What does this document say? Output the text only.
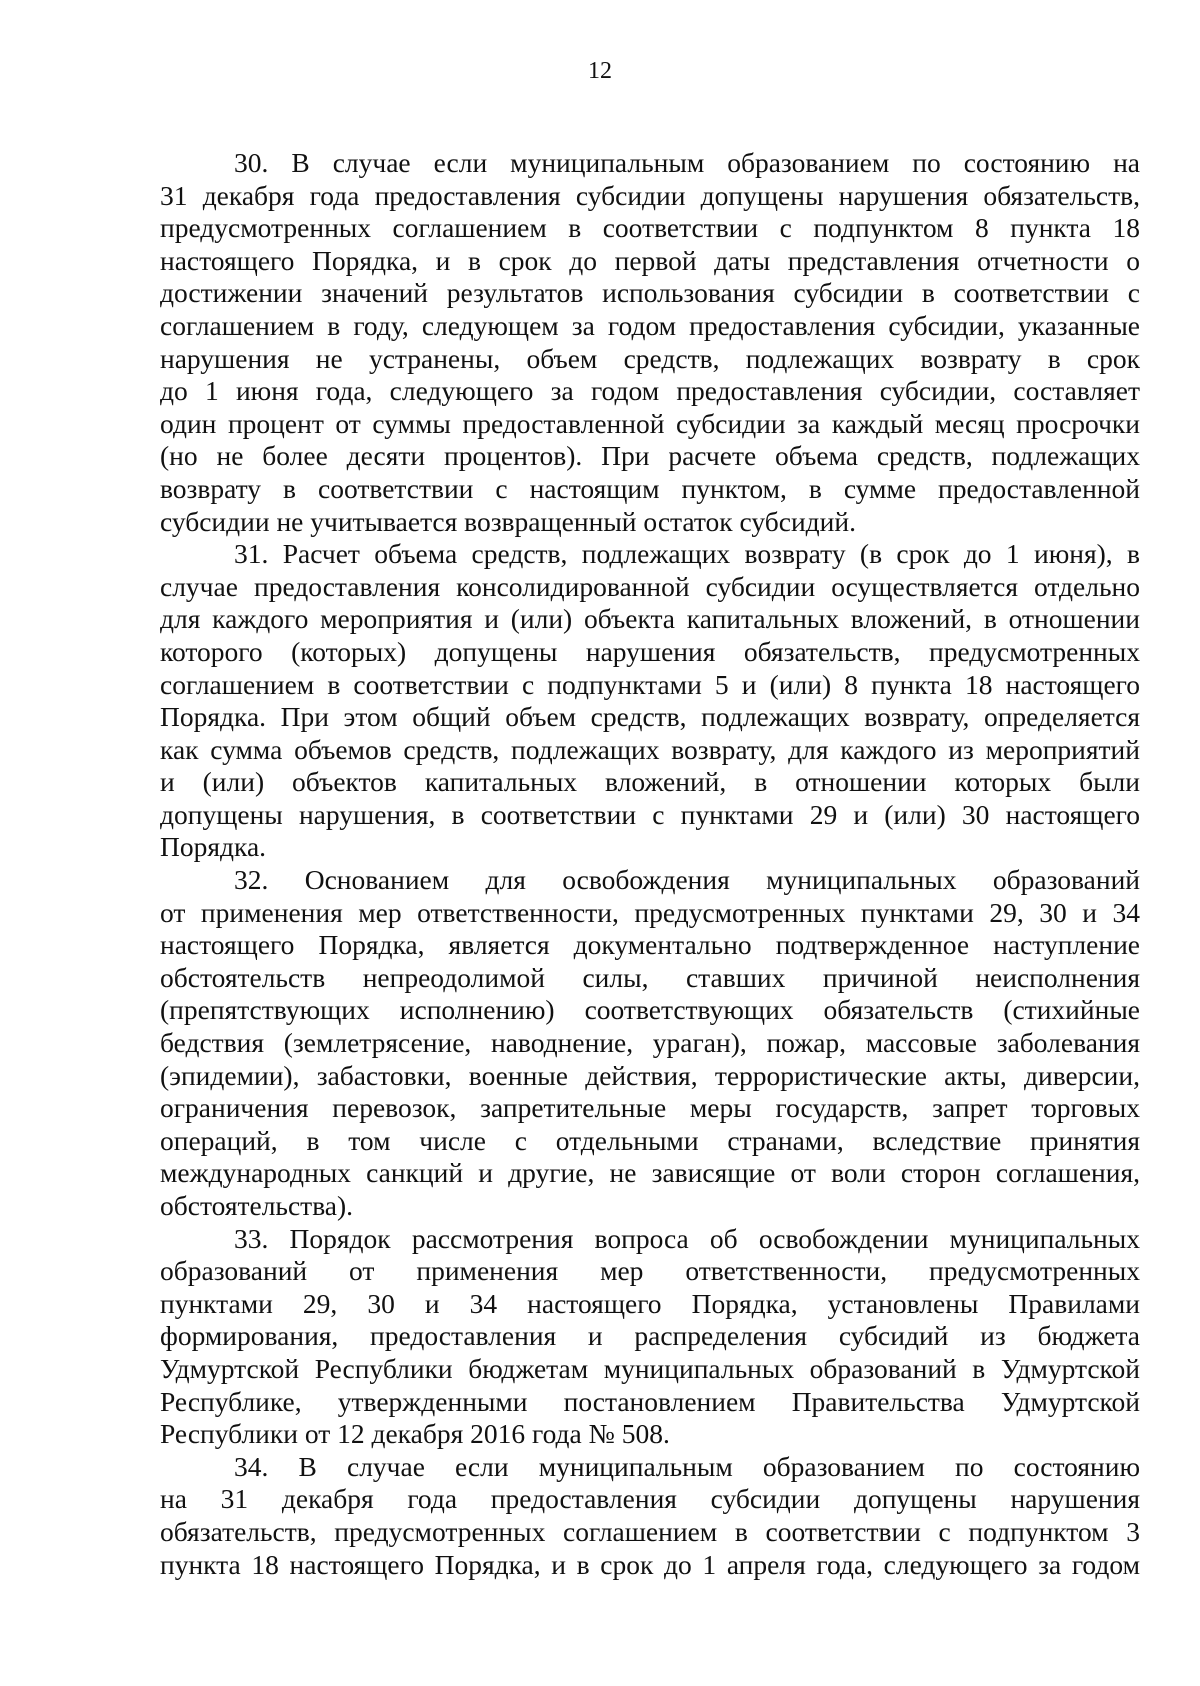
12
30. В случае если муниципальным образованием по состоянию на
31 декабря года предоставления субсидии допущены нарушения обязательств,
предусмотренных соглашением в соответствии с подпунктом 8 пункта 18
настоящего Порядка, и в срок до первой даты представления отчетности о
достижении значений результатов использования субсидии в соответствии с
соглашением в году, следующем за годом предоставления субсидии, указанные
нарушения не устранены, объем средств, подлежащих возврату в срок
до 1 июня года, следующего за годом предоставления субсидии, составляет
один процент от суммы предоставленной субсидии за каждый месяц просрочки
(но не более десяти процентов). При расчете объема средств, подлежащих
возврату в соответствии с настоящим пунктом, в сумме предоставленной
субсидии не учитывается возвращенный остаток субсидий.
31. Расчет объема средств, подлежащих возврату (в срок до 1 июня), в
случае предоставления консолидированной субсидии осуществляется отдельно
для каждого мероприятия и (или) объекта капитальных вложений, в отношении
которого (которых) допущены нарушения обязательств, предусмотренных
соглашением в соответствии с подпунктами 5 и (или) 8 пункта 18 настоящего
Порядка. При этом общий объем средств, подлежащих возврату, определяется
как сумма объемов средств, подлежащих возврату, для каждого из мероприятий
и (или) объектов капитальных вложений, в отношении которых были
допущены нарушения, в соответствии с пунктами 29 и (или) 30 настоящего
Порядка.
32. Основанием для освобождения муниципальных образований
от применения мер ответственности, предусмотренных пунктами 29, 30 и 34
настоящего Порядка, является документально подтвержденное наступление
обстоятельств непреодолимой силы, ставших причиной неисполнения
(препятствующих исполнению) соответствующих обязательств (стихийные
бедствия (землетрясение, наводнение, ураган), пожар, массовые заболевания
(эпидемии), забастовки, военные действия, террористические акты, диверсии,
ограничения перевозок, запретительные меры государств, запрет торговых
операций, в том числе с отдельными странами, вследствие принятия
международных санкций и другие, не зависящие от воли сторон соглашения,
обстоятельства).
33. Порядок рассмотрения вопроса об освобождении муниципальных
образований от применения мер ответственности, предусмотренных
пунктами 29, 30 и 34 настоящего Порядка, установлены Правилами
формирования, предоставления и распределения субсидий из бюджета
Удмуртской Республики бюджетам муниципальных образований в Удмуртской
Республике, утвержденными постановлением Правительства Удмуртской
Республики от 12 декабря 2016 года № 508.
34. В случае если муниципальным образованием по состоянию
на 31 декабря года предоставления субсидии допущены нарушения
обязательств, предусмотренных соглашением в соответствии с подпунктом 3
пункта 18 настоящего Порядка, и в срок до 1 апреля года, следующего за годом
